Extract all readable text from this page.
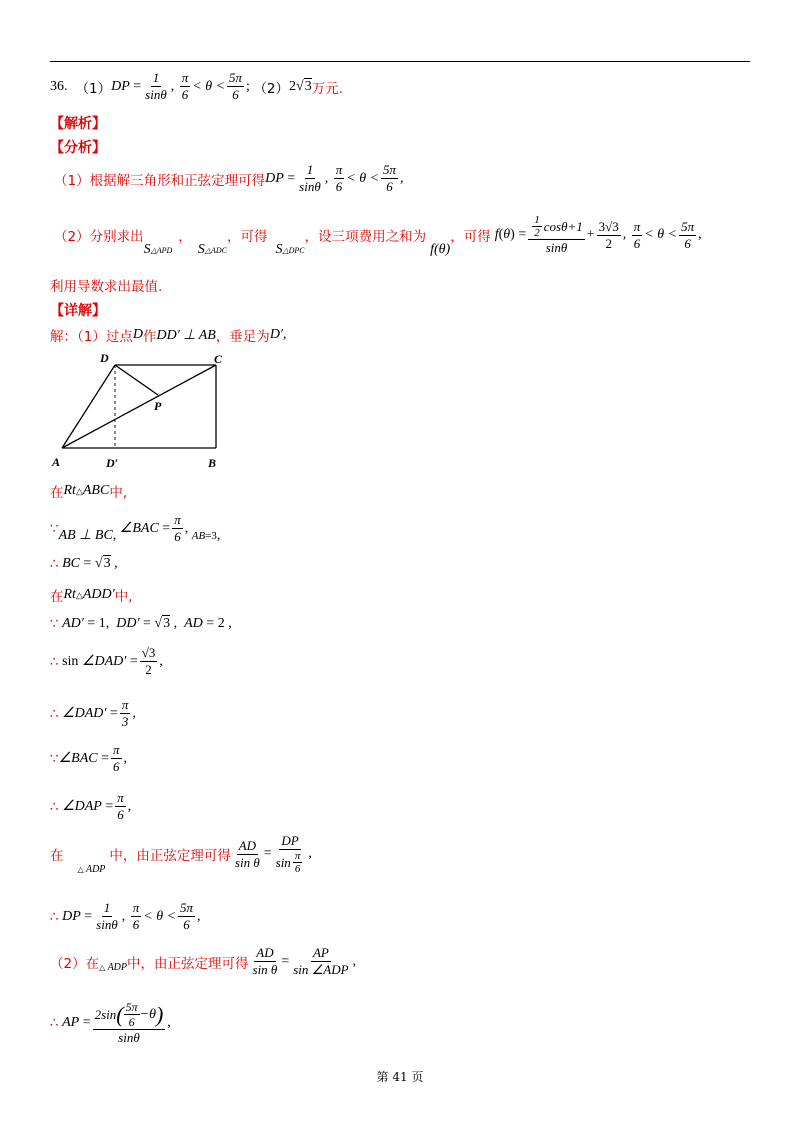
36. （1） DP = $\frac{1}{\sin\theta}$ , $\frac{\pi}{6} < \theta < \frac{5\pi}{6}$ ; （2） 2 √3 万元.
【解析】
【分析】
（1）根据解三角形和正弦定理可得 DP = $\frac{1}{\sin\theta}$ , $\frac{\pi}{6} < \theta < \frac{5\pi}{6}$ ,
（2）分别求出
S△APD
，
S△ADC
，可得
S△DPC
，设三项费用之和为
f(θ)
，可得 f ( θ ) = $\frac{\frac{1}{2} \cos \theta +1}{\sin\theta} + \frac{3√3}{2}$ , $\frac{\pi}{6} < \theta < \frac{5\pi}{6}$ ,
利用导数求出最值.
【详解】
解：（1）过点 D 作 DD′ ⊥ AB ，垂足为 D′ ,
D	C
P
A	D′	B
在 Rt △ ABC 中,
∵ AB ⊥ BC , ∠BAC = $\frac{\pi}{6}$ , AB =3 ,
∴ BC = √3 ,
在 Rt △ ADD′ 中,
∵ AD′ = 1, DD′ = √3 , AD = 2 ,
∴ sin ∠DAD′ = $\frac{√3}{2}$ ,
∴ ∠DAD′ = $\frac{\pi}{3}$ ,
∵ ∠BAC = $\frac{\pi}{6}$ ,
∴ ∠DAP = $\frac{\pi}{6}$ ,
在
△ ADP
中，由正弦定理可得 $\frac{AD}{\text{sin θ}} = \frac{DP}{\sin \frac{\pi}{6}}$ ,
∴ DP = $\frac{1}{\sin\theta}$ , $\frac{\pi}{6} < \theta < \frac{5\pi}{6}$ ,
（2）在 △ ADP 中，由正弦定理可得 $\frac{AD}{\text{sin θ}} = \frac{AP}{\text{sin ∠ADP}}$ ,
∴ AP = $\frac{2\sin ( \frac{5\pi}{6} -\theta )}{\sin\theta}$ ,
第 41 页
